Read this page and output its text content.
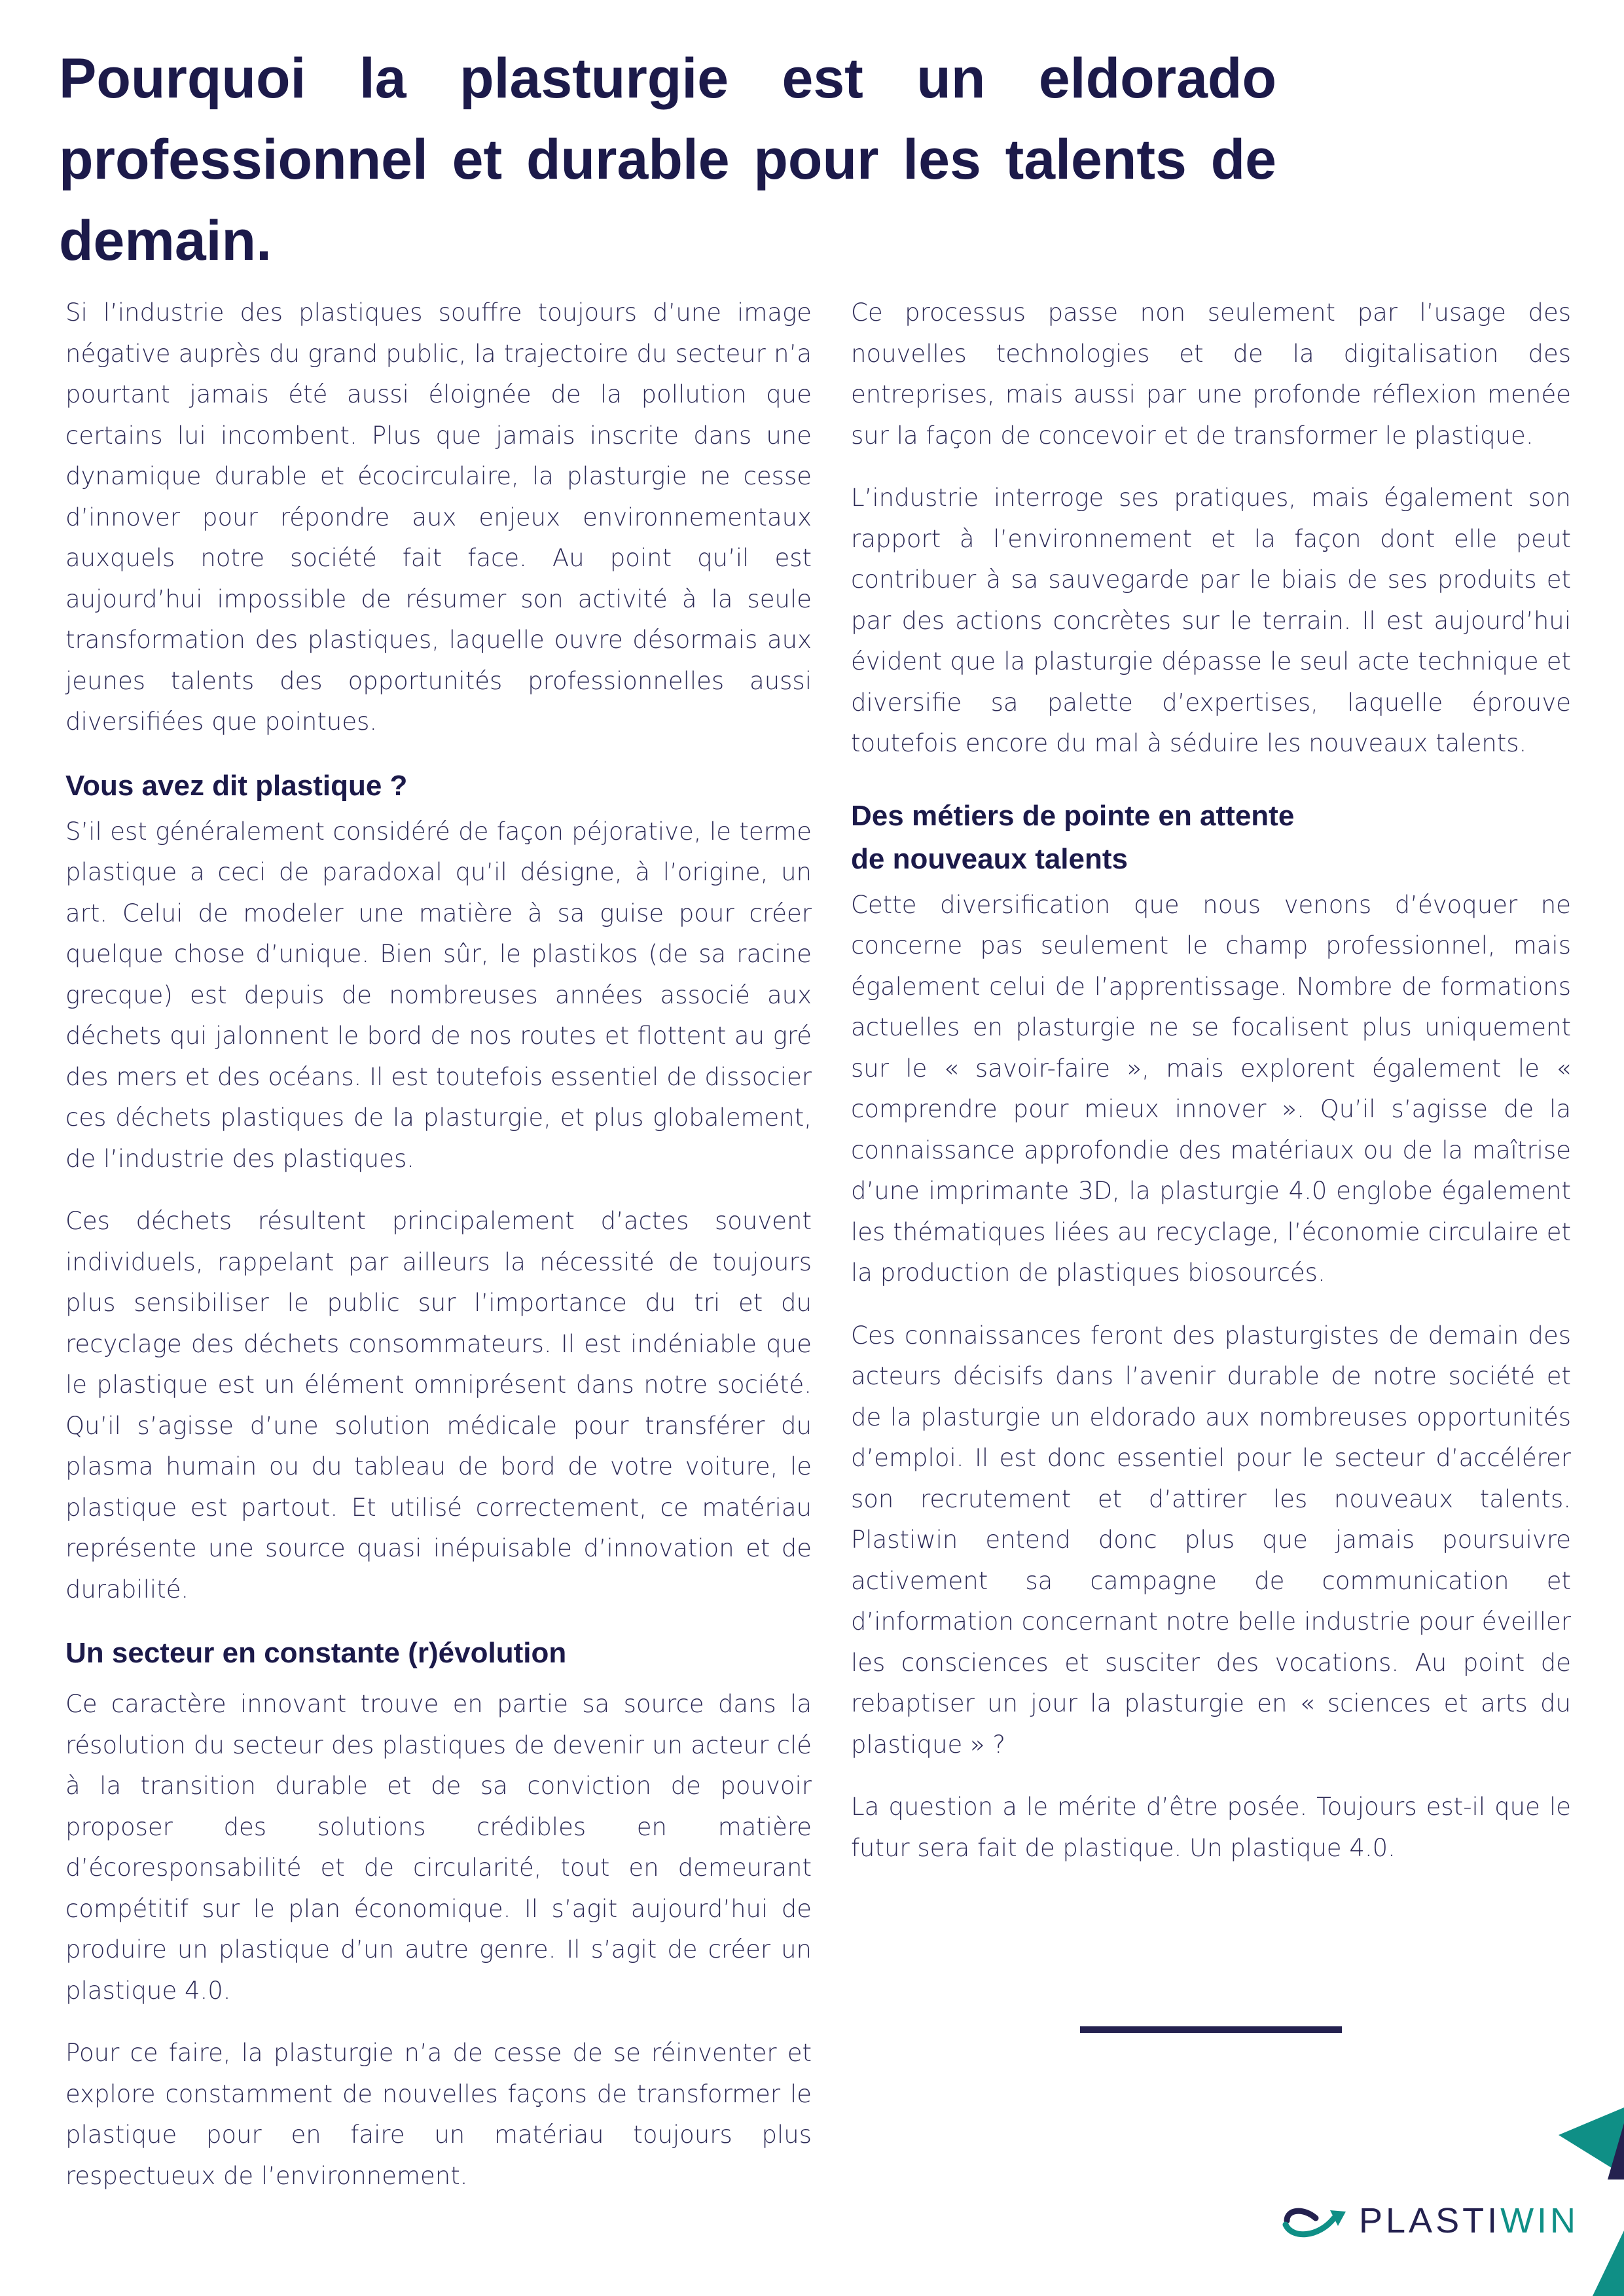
Pourquoi la plasturgie est un eldorado professionnel et durable pour les talents de demain.

Si l’industrie des plastiques souffre toujours d’une image négative auprès du grand public, la trajectoire du secteur n’a pourtant jamais été aussi éloignée de la pollution que certains lui incombent. Plus que jamais inscrite dans une dynamique durable et écocirculaire, la plasturgie ne cesse d’innover pour répondre aux enjeux environnementaux auxquels notre société fait face. Au point qu’il est aujourd’hui impossible de résumer son activité à la seule transformation des plastiques, laquelle ouvre désormais aux jeunes talents des opportunités professionnelles aussi diversifiées que pointues.

Vous avez dit plastique ?

S’il est généralement considéré de façon péjorative, le terme plastique a ceci de paradoxal qu’il désigne, à l’origine, un art. Celui de modeler une matière à sa guise pour créer quelque chose d’unique. Bien sûr, le plastikos (de sa racine grecque) est depuis de nombreuses années associé aux déchets qui jalonnent le bord de nos routes et flottent au gré des mers et des océans. Il est toutefois essentiel de dissocier ces déchets plastiques de la plasturgie, et plus globalement, de l’industrie des plastiques.

Ces déchets résultent principalement d’actes souvent individuels, rappelant par ailleurs la nécessité de toujours plus sensibiliser le public sur l’importance du tri et du recyclage des déchets consommateurs. Il est indéniable que le plastique est un élément omniprésent dans notre société. Qu’il s’agisse d’une solution médicale pour transférer du plasma humain ou du tableau de bord de votre voiture, le plastique est partout. Et utilisé correctement, ce matériau représente une source quasi inépuisable d’innovation et de durabilité.

Un secteur en constante (r)évolution

Ce caractère innovant trouve en partie sa source dans la résolution du secteur des plastiques de devenir un acteur clé à la transition durable et de sa conviction de pouvoir proposer des solutions crédibles en matière d’écoresponsabilité et de circularité, tout en demeurant compétitif sur le plan économique. Il s’agit aujourd’hui de produire un plastique d’un autre genre. Il s’agit de créer un plastique 4.0.

Pour ce faire, la plasturgie n’a de cesse de se réinventer et explore constamment de nouvelles façons de transformer le plastique pour en faire un matériau toujours plus respectueux de l’environnement.

Ce processus passe non seulement par l’usage des nouvelles technologies et de la digitalisation des entreprises, mais aussi par une profonde réflexion menée sur la façon de concevoir et de transformer le plastique.

L’industrie interroge ses pratiques, mais également son rapport à l’environnement et la façon dont elle peut contribuer à sa sauvegarde par le biais de ses produits et par des actions concrètes sur le terrain. Il est aujourd’hui évident que la plasturgie dépasse le seul acte technique et diversifie sa palette d’expertises, laquelle éprouve toutefois encore du mal à séduire les nouveaux talents.

Des métiers de pointe en attente
de nouveaux talents

Cette diversification que nous venons d’évoquer ne concerne pas seulement le champ professionnel, mais également celui de l’apprentissage. Nombre de formations actuelles en plasturgie ne se focalisent plus uniquement sur le « savoir-faire », mais explorent également le « comprendre pour mieux innover ». Qu’il s’agisse de la connaissance approfondie des matériaux ou de la maîtrise d’une imprimante 3D, la plasturgie 4.0 englobe également les thématiques liées au recyclage, l’économie circulaire et la production de plastiques biosourcés.

Ces connaissances feront des plasturgistes de demain des acteurs décisifs dans l’avenir durable de notre société et de la plasturgie un eldorado aux nombreuses opportunités d’emploi. Il est donc essentiel pour le secteur d’accélérer son recrutement et d’attirer les nouveaux talents. Plastiwin entend donc plus que jamais poursuivre activement sa campagne de communication et d’information concernant notre belle industrie pour éveiller les consciences et susciter des vocations. Au point de rebaptiser un jour la plasturgie en « sciences et arts du plastique » ?

La question a le mérite d’être posée. Toujours est-il que le futur sera fait de plastique. Un plastique 4.0.

PLASTIWIN
